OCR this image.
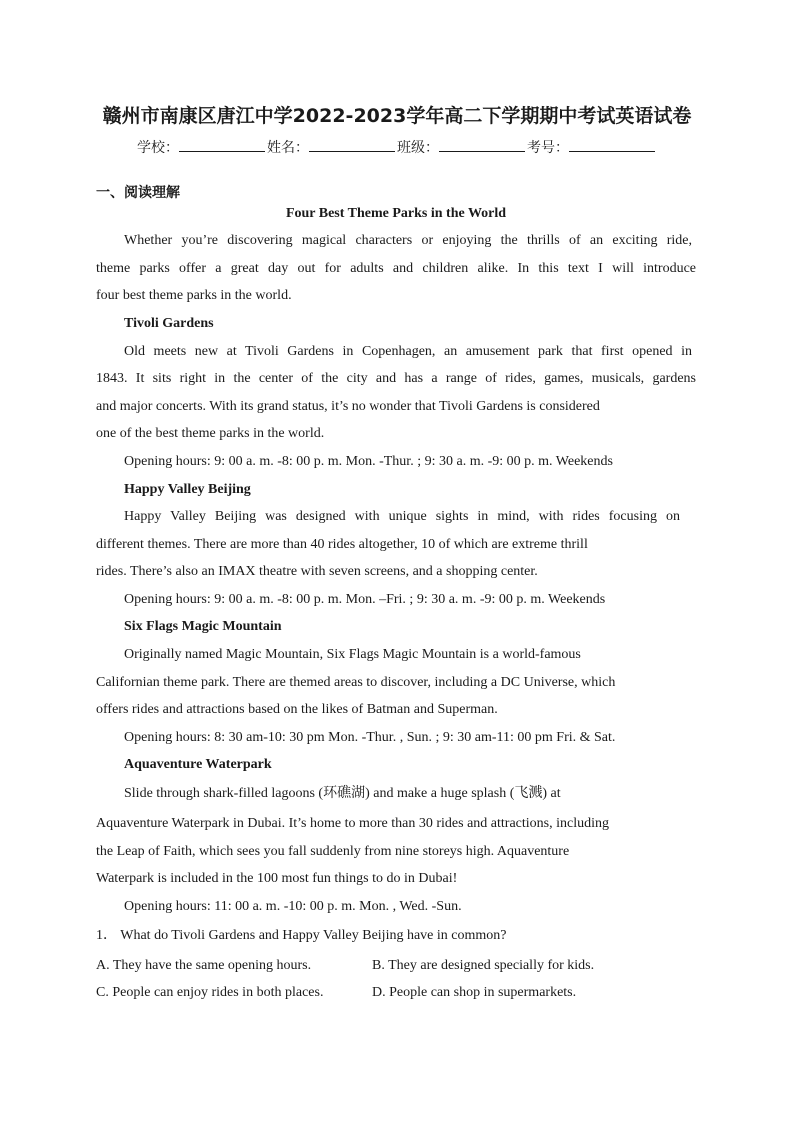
赣州市南康区唐江中学2022-2023学年高二下学期期中考试英语试卷
学校：	姓名：	班级：	考号：
一、阅读理解
Four Best Theme Parks in the World
Whether you’re discovering magical characters or enjoying the thrills of an exciting ride,
theme parks offer a great day out for adults and children alike. In this text I will introduce
four best theme parks in the world.
Tivoli Gardens
Old meets new at Tivoli Gardens in Copenhagen, an amusement park that first opened in
1843. It sits right in the center of the city and has a range of rides, games, musicals, gardens
and major concerts. With its grand status, it’s no wonder that Tivoli Gardens is considered
one of the best theme parks in the world.
Opening hours: 9: 00 a. m. -8: 00 p. m. Mon. -Thur. ; 9: 30 a. m. -9: 00 p. m. Weekends
Happy Valley Beijing
Happy Valley Beijing was designed with unique sights in mind, with rides focusing on
different themes. There are more than 40 rides altogether, 10 of which are extreme thrill
rides. There’s also an IMAX theatre with seven screens, and a shopping center.
Opening hours: 9: 00 a. m. -8: 00 p. m. Mon. –Fri. ; 9: 30 a. m. -9: 00 p. m. Weekends
Six Flags Magic Mountain
Originally named Magic Mountain, Six Flags Magic Mountain is a world-famous
Californian theme park. There are themed areas to discover, including a DC Universe, which
offers rides and attractions based on the likes of Batman and Superman.
Opening hours: 8: 30 am-10: 30 pm Mon. -Thur. , Sun. ; 9: 30 am-11: 00 pm Fri. & Sat.
Aquaventure Waterpark
Slide through shark-filled lagoons (环礁湖) and make a huge splash (飞溅) at
Aquaventure Waterpark in Dubai. It’s home to more than 30 rides and attractions, including
the Leap of Faith, which sees you fall suddenly from nine storeys high. Aquaventure
Waterpark is included in the 100 most fun things to do in Dubai!
Opening hours: 11: 00 a. m. -10: 00 p. m. Mon. , Wed. -Sun.
1． What do Tivoli Gardens and Happy Valley Beijing have in common?
A. They have the same opening hours.	B. They are designed specially for kids.
C. People can enjoy rides in both places.	D. People can shop in supermarkets.
